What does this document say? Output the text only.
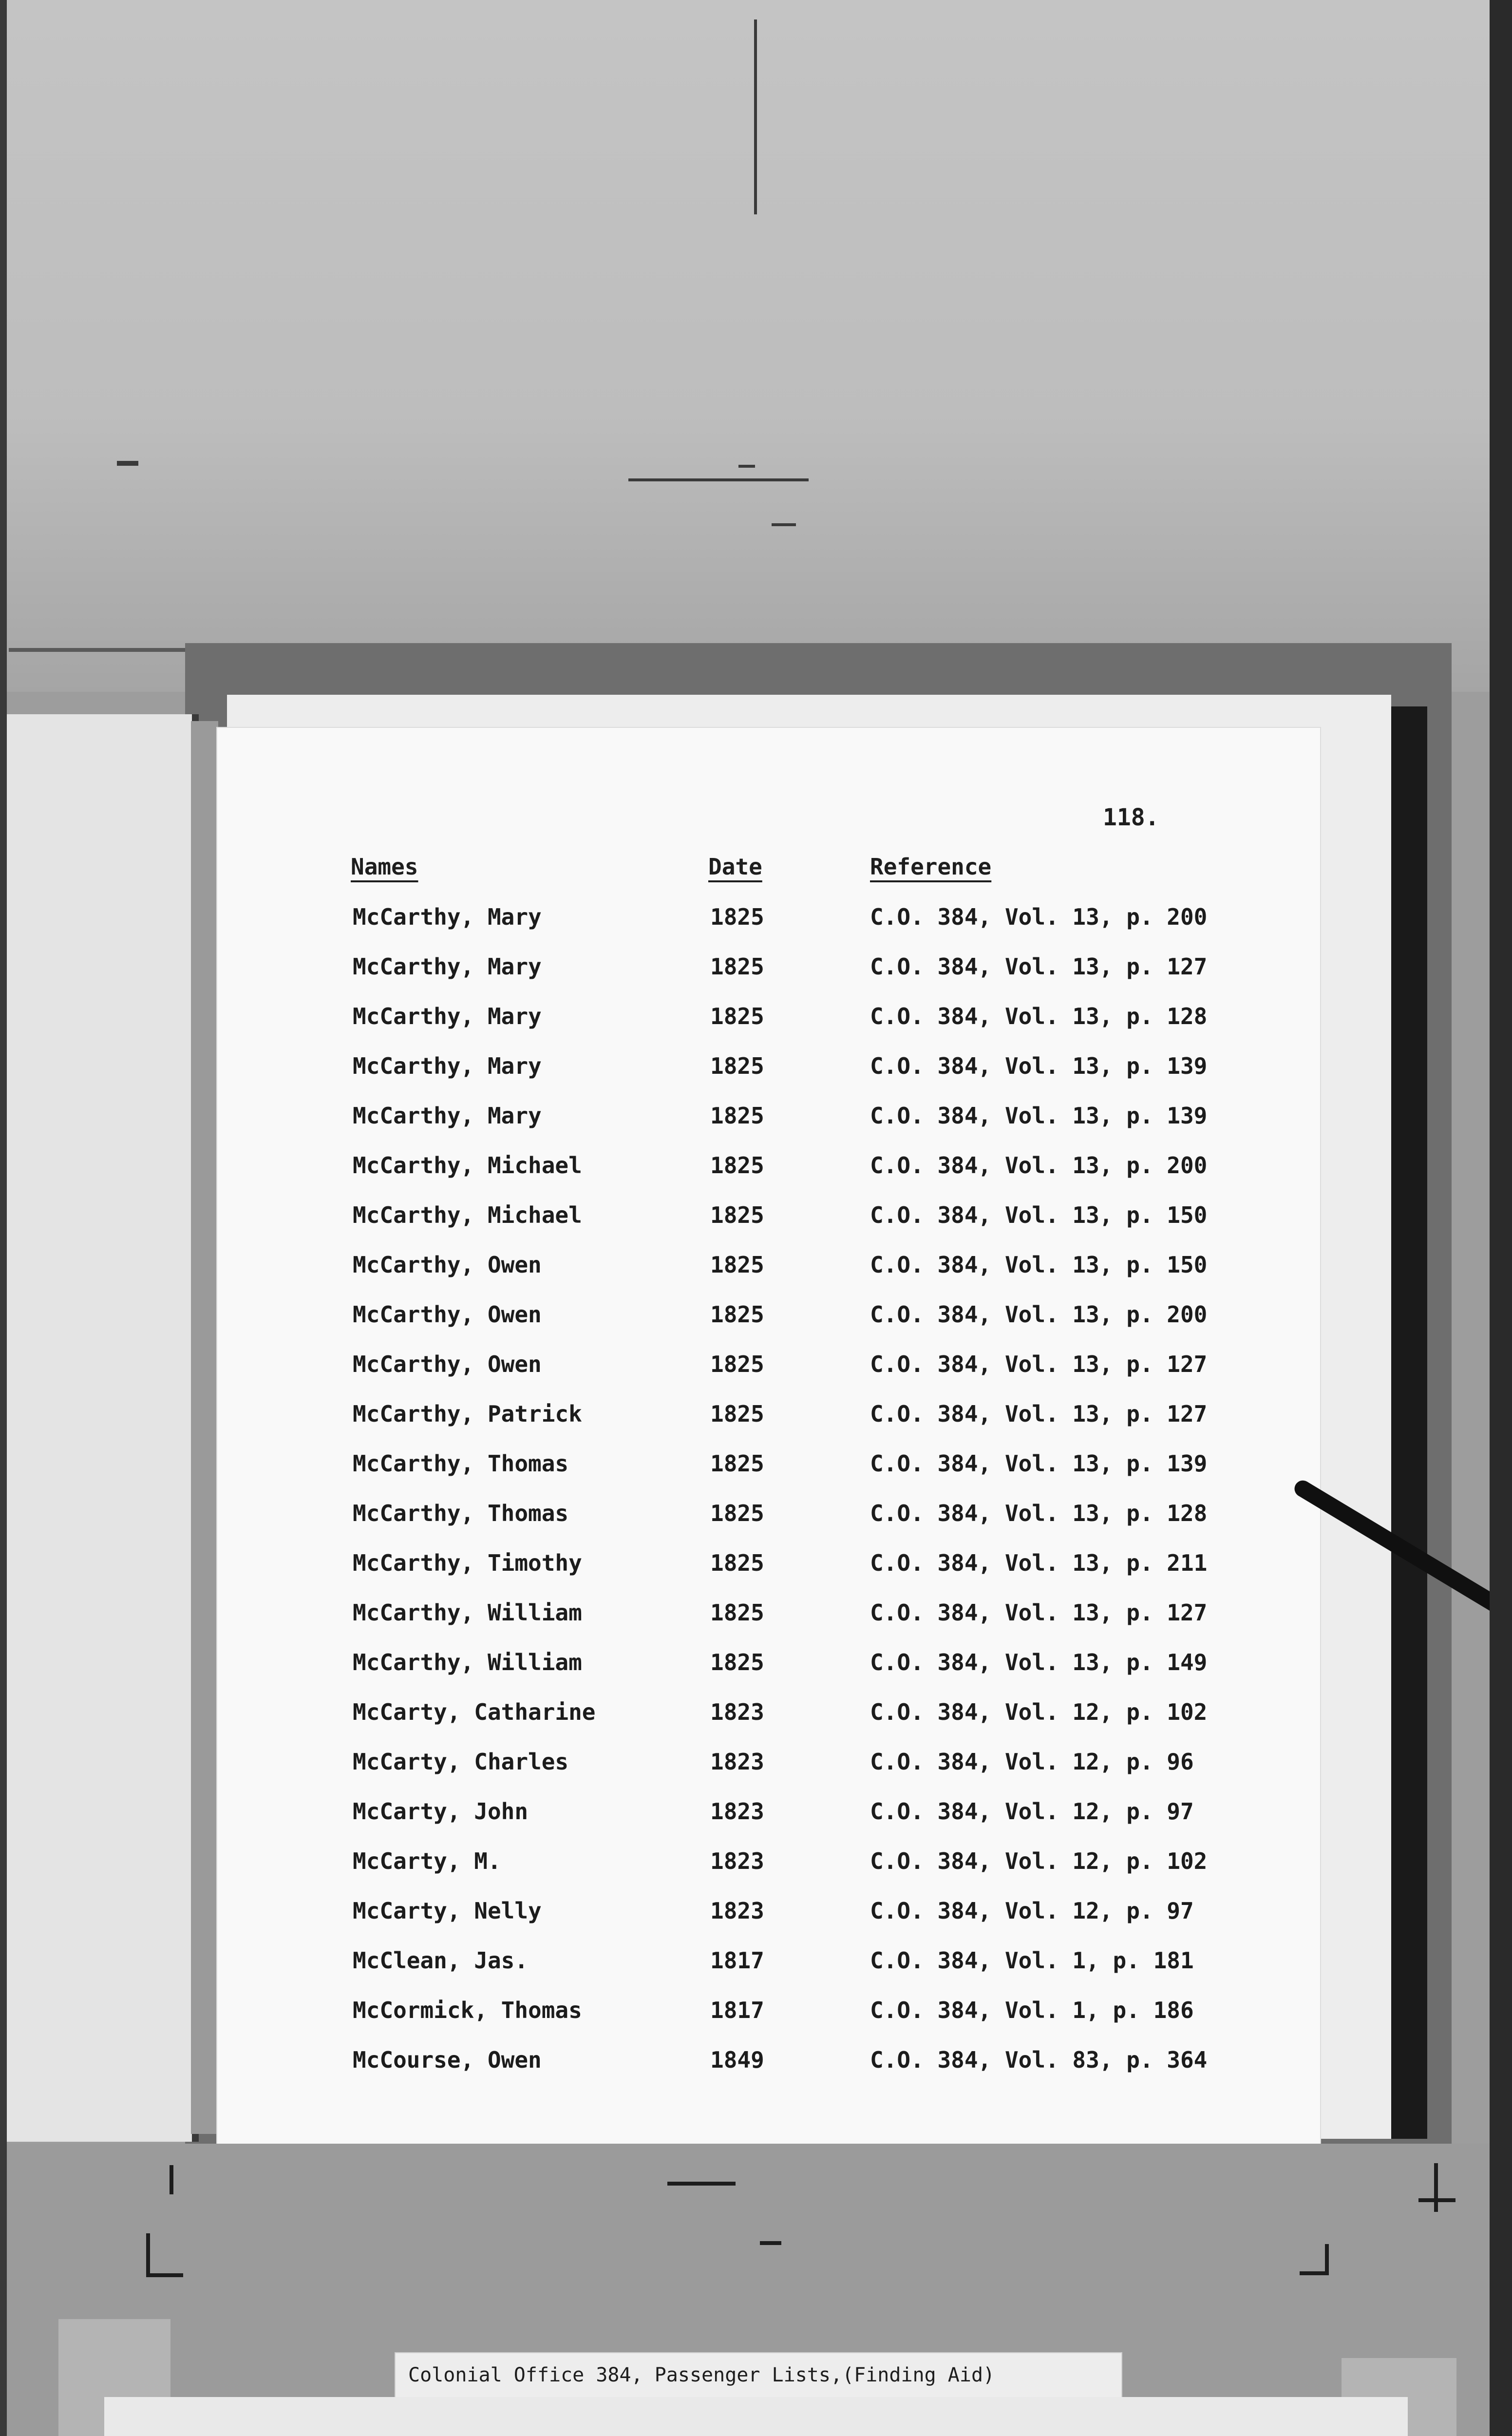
118.
Names	Date	Reference
McCarthy, Mary	1825	C.O. 384, Vol. 13, p. 200
McCarthy, Mary	1825	C.O. 384, Vol. 13, p. 127
McCarthy, Mary	1825	C.O. 384, Vol. 13, p. 128
McCarthy, Mary	1825	C.O. 384, Vol. 13, p. 139
McCarthy, Mary	1825	C.O. 384, Vol. 13, p. 139
McCarthy, Michael	1825	C.O. 384, Vol. 13, p. 200
McCarthy, Michael	1825	C.O. 384, Vol. 13, p. 150
McCarthy, Owen	1825	C.O. 384, Vol. 13, p. 150
McCarthy, Owen	1825	C.O. 384, Vol. 13, p. 200
McCarthy, Owen	1825	C.O. 384, Vol. 13, p. 127
McCarthy, Patrick	1825	C.O. 384, Vol. 13, p. 127
McCarthy, Thomas	1825	C.O. 384, Vol. 13, p. 139
McCarthy, Thomas	1825	C.O. 384, Vol. 13, p. 128
McCarthy, Timothy	1825	C.O. 384, Vol. 13, p. 211
McCarthy, William	1825	C.O. 384, Vol. 13, p. 127
McCarthy, William	1825	C.O. 384, Vol. 13, p. 149
McCarty, Catharine	1823	C.O. 384, Vol. 12, p. 102
McCarty, Charles	1823	C.O. 384, Vol. 12, p. 96
McCarty, John	1823	C.O. 384, Vol. 12, p. 97
McCarty, M.	1823	C.O. 384, Vol. 12, p. 102
McCarty, Nelly	1823	C.O. 384, Vol. 12, p. 97
McClean, Jas.	1817	C.O. 384, Vol. 1, p. 181
McCormick, Thomas	1817	C.O. 384, Vol. 1, p. 186
McCourse, Owen	1849	C.O. 384, Vol. 83, p. 364
Colonial Office 384, Passenger Lists,(Finding Aid)
